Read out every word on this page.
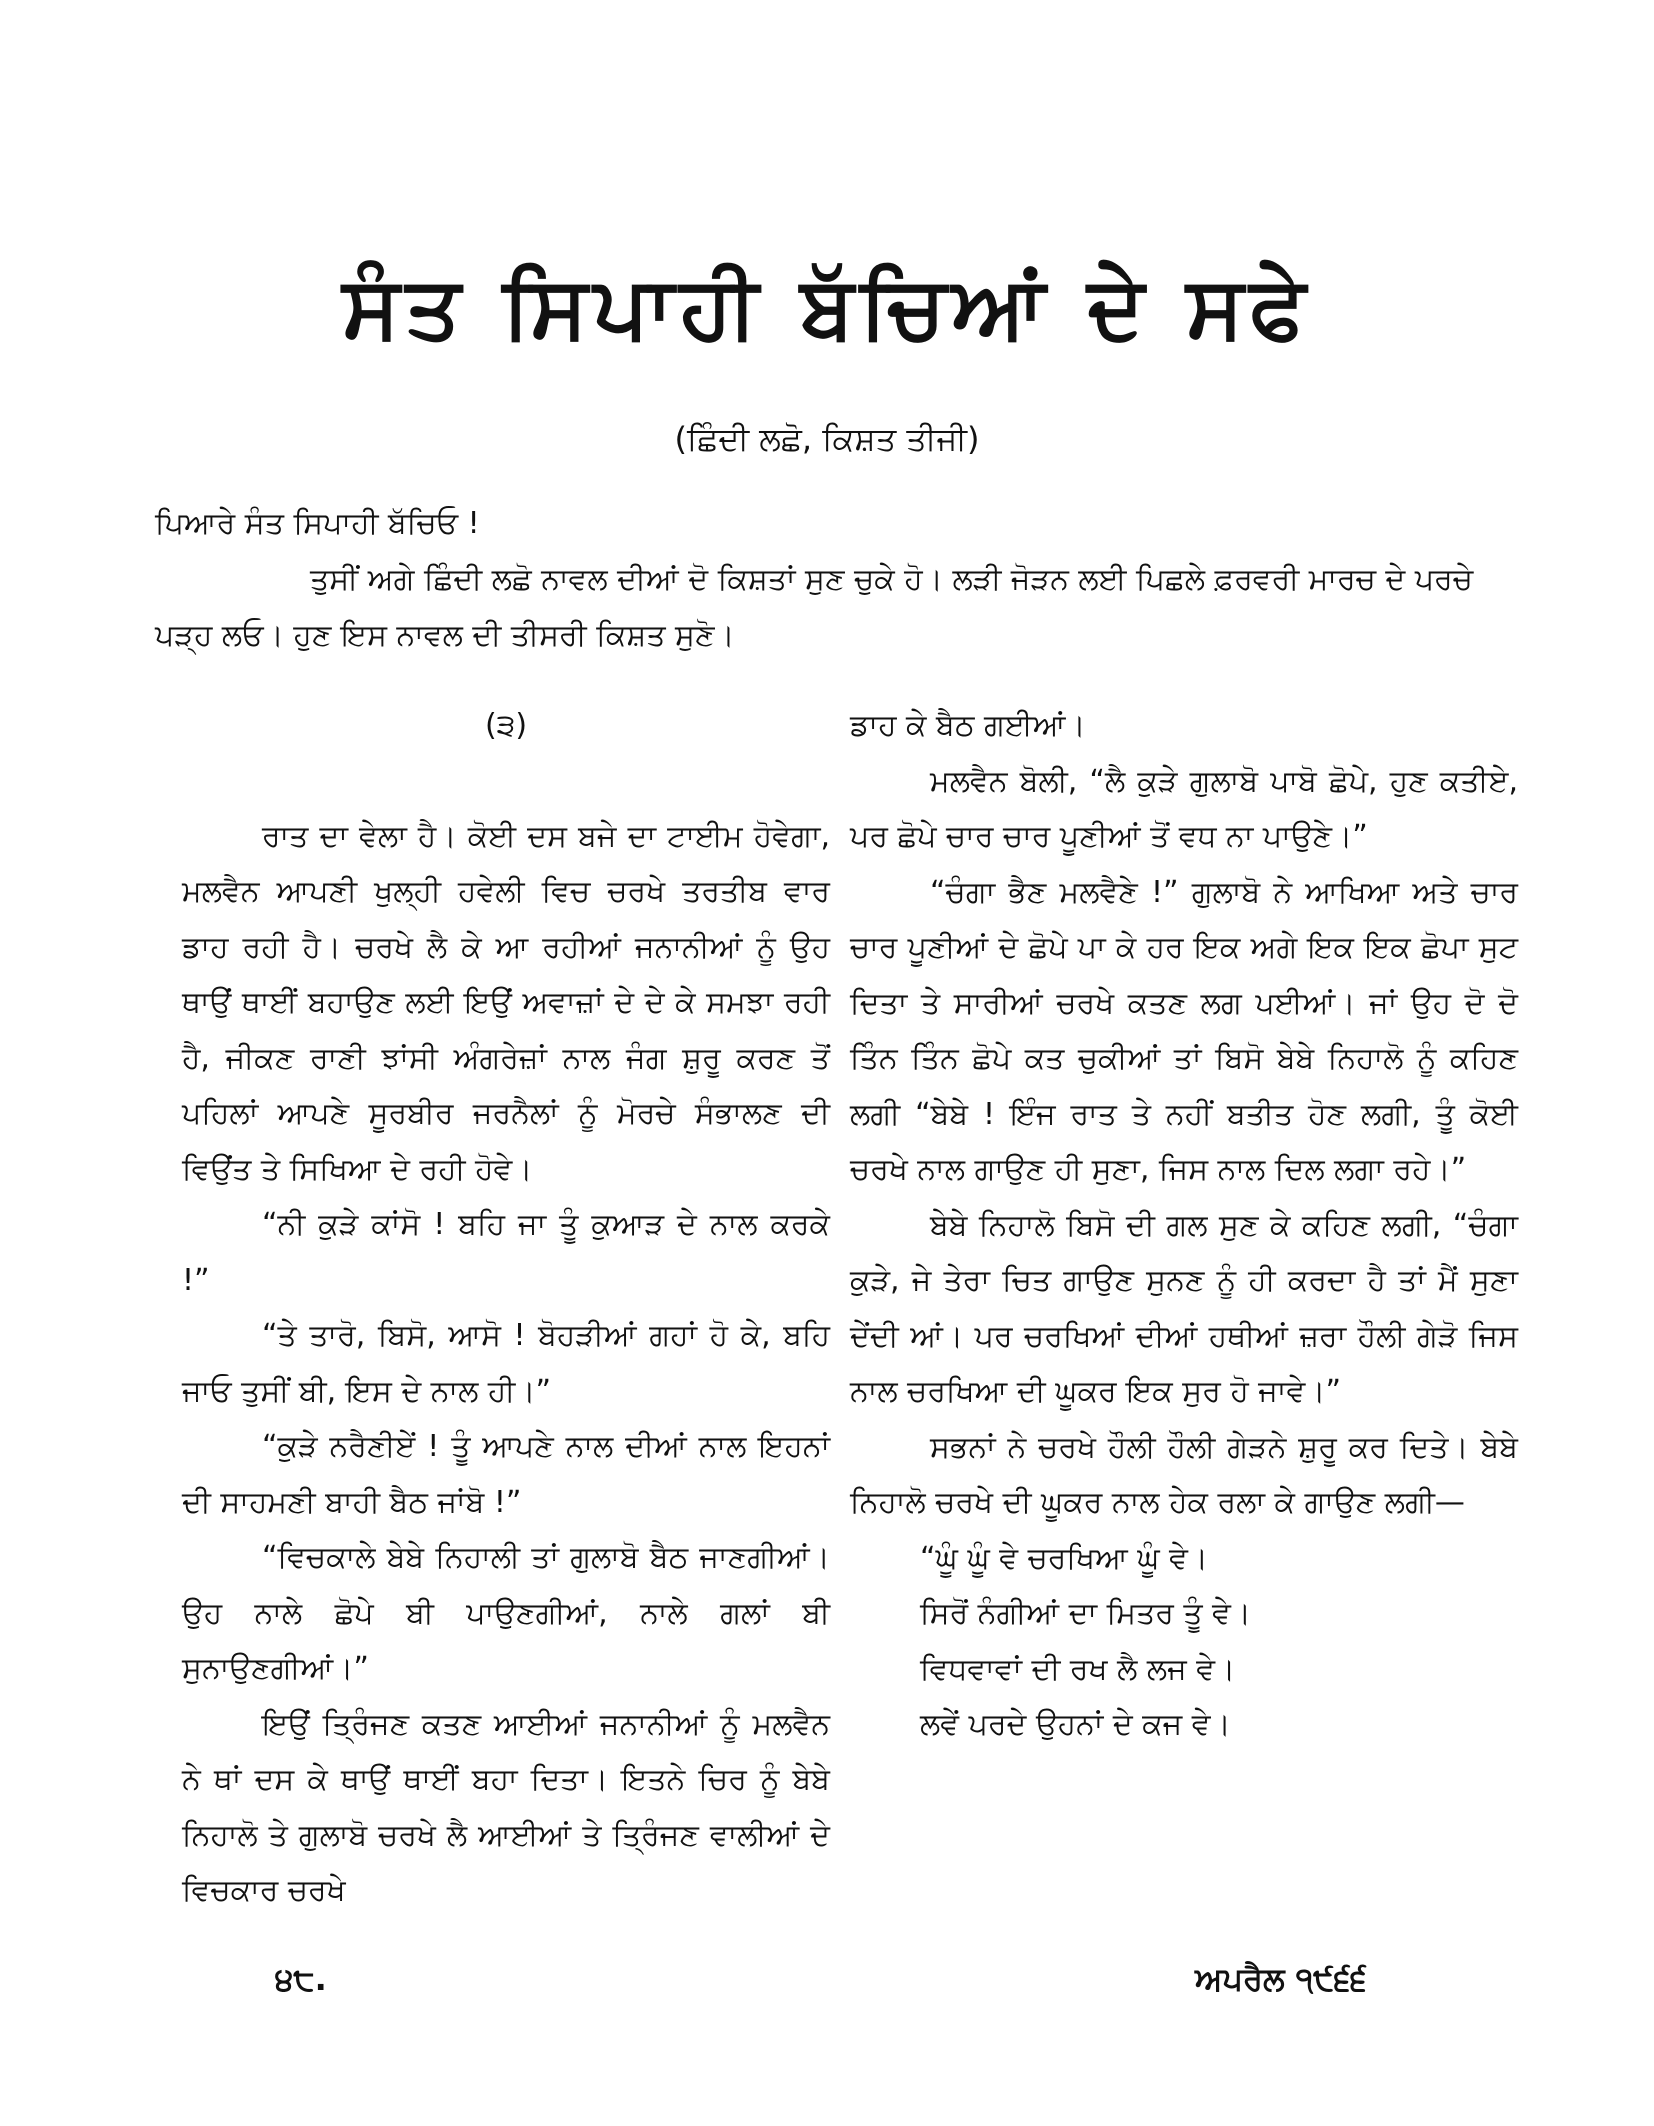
ਸੰਤ ਸਿਪਾਹੀ ਬੱਚਿਆਂ ਦੇ ਸਫੇ
(ਛਿੰਦੀ ਲਛੋ, ਕਿਸ਼ਤ ਤੀਜੀ)

ਪਿਆਰੇ ਸੰਤ ਸਿਪਾਹੀ ਬੱਚਿਓ !

ਤੁਸੀਂ ਅਗੇ ਛਿੰਦੀ ਲਛੋ ਨਾਵਲ ਦੀਆਂ ਦੋ ਕਿਸ਼ਤਾਂ ਸੁਣ ਚੁਕੇ ਹੋ। ਲੜੀ ਜੋੜਨ ਲਈ ਪਿਛਲੇ ਫ਼ਰਵਰੀ ਮਾਰਚ ਦੇ ਪਰਚੇ ਪੜ੍ਹ ਲਓ। ਹੁਣ ਇਸ ਨਾਵਲ ਦੀ ਤੀਸਰੀ ਕਿਸ਼ਤ ਸੁਣੋ।

(੩)

ਰਾਤ ਦਾ ਵੇਲਾ ਹੈ। ਕੋਈ ਦਸ ਬਜੇ ਦਾ ਟਾਈਮ ਹੋਵੇਗਾ, ਮਲਵੈਨ ਆਪਣੀ ਖੁਲ੍ਹੀ ਹਵੇਲੀ ਵਿਚ ਚਰਖੇ ਤਰਤੀਬ ਵਾਰ ਡਾਹ ਰਹੀ ਹੈ। ਚਰਖੇ ਲੈ ਕੇ ਆ ਰਹੀਆਂ ਜਨਾਨੀਆਂ ਨੂੰ ਉਹ ਥਾਉਂ ਥਾਈਂ ਬਹਾਉਣ ਲਈ ਇਉਂ ਅਵਾਜ਼ਾਂ ਦੇ ਦੇ ਕੇ ਸਮਝਾ ਰਹੀ ਹੈ, ਜੀਕਣ ਰਾਣੀ ਝਾਂਸੀ ਅੰਗਰੇਜ਼ਾਂ ਨਾਲ ਜੰਗ ਸ਼ੁਰੂ ਕਰਣ ਤੋਂ ਪਹਿਲਾਂ ਆਪਣੇ ਸੂਰਬੀਰ ਜਰਨੈਲਾਂ ਨੂੰ ਮੋਰਚੇ ਸੰਭਾਲਣ ਦੀ ਵਿਉਂਤ ਤੇ ਸਿਖਿਆ ਦੇ ਰਹੀ ਹੋਵੇ।

“ਨੀ ਕੁੜੇ ਕਾਂਸੋ ! ਬਹਿ ਜਾ ਤੂੰ ਕੁਆੜ ਦੇ ਨਾਲ ਕਰਕੇ !”

“ਤੇ ਤਾਰੋ, ਬਿਸੋ, ਆਸੋ ! ਬੋਹੜੀਆਂ ਗਹਾਂ ਹੋ ਕੇ, ਬਹਿ ਜਾਓ ਤੁਸੀਂ ਬੀ, ਇਸ ਦੇ ਨਾਲ ਹੀ।”

“ਕੁੜੇ ਨਰੈਣੀਏਂ ! ਤੂੰ ਆਪਣੇ ਨਾਲ ਦੀਆਂ ਨਾਲ ਇਹਨਾਂ ਦੀ ਸਾਹਮਣੀ ਬਾਹੀ ਬੈਠ ਜਾਂਬੋ !”

“ਵਿਚਕਾਲੇ ਬੇਬੇ ਨਿਹਾਲੀ ਤਾਂ ਗੁਲਾਬੋ ਬੈਠ ਜਾਣਗੀਆਂ। ਉਹ ਨਾਲੇ ਛੋਪੇ ਬੀ ਪਾਉਣਗੀਆਂ, ਨਾਲੇ ਗਲਾਂ ਬੀ ਸੁਨਾਉਣਗੀਆਂ।”

ਇਉਂ ਤ੍ਰਿੰਜਣ ਕਤਣ ਆਈਆਂ ਜਨਾਨੀਆਂ ਨੂੰ ਮਲਵੈਨ ਨੇ ਥਾਂ ਦਸ ਕੇ ਥਾਉਂ ਥਾਈਂ ਬਹਾ ਦਿਤਾ। ਇਤਨੇ ਚਿਰ ਨੂੰ ਬੇਬੇ ਨਿਹਾਲੋ ਤੇ ਗੁਲਾਬੋ ਚਰਖੇ ਲੈ ਆਈਆਂ ਤੇ ਤ੍ਰਿੰਜਣ ਵਾਲੀਆਂ ਦੇ ਵਿਚਕਾਰ ਚਰਖੇ

ਡਾਹ ਕੇ ਬੈਠ ਗਈਆਂ।

ਮਲਵੈਨ ਬੋਲੀ, “ਲੈ ਕੁੜੇ ਗੁਲਾਬੋ ਪਾਬੋ ਛੋਪੇ, ਹੁਣ ਕਤੀਏ, ਪਰ ਛੋਪੇ ਚਾਰ ਚਾਰ ਪੂਣੀਆਂ ਤੋਂ ਵਧ ਨਾ ਪਾਉਣੇ।”

“ਚੰਗਾ ਭੈਣ ਮਲਵੈਣੇ !” ਗੁਲਾਬੋ ਨੇ ਆਖਿਆ ਅਤੇ ਚਾਰ ਚਾਰ ਪੂਣੀਆਂ ਦੇ ਛੋਪੇ ਪਾ ਕੇ ਹਰ ਇਕ ਅਗੇ ਇਕ ਇਕ ਛੋਪਾ ਸੁਟ ਦਿਤਾ ਤੇ ਸਾਰੀਆਂ ਚਰਖੇ ਕਤਣ ਲਗ ਪਈਆਂ। ਜਾਂ ਉਹ ਦੋ ਦੋ ਤਿੰਨ ਤਿੰਨ ਛੋਪੇ ਕਤ ਚੁਕੀਆਂ ਤਾਂ ਬਿਸੋ ਬੇਬੇ ਨਿਹਾਲੋ ਨੂੰ ਕਹਿਣ ਲਗੀ “ਬੇਬੇ ! ਇੰਜ ਰਾਤ ਤੇ ਨਹੀਂ ਬਤੀਤ ਹੋਣ ਲਗੀ, ਤੂੰ ਕੋਈ ਚਰਖੇ ਨਾਲ ਗਾਉਣ ਹੀ ਸੁਣਾ, ਜਿਸ ਨਾਲ ਦਿਲ ਲਗਾ ਰਹੇ।”

ਬੇਬੇ ਨਿਹਾਲੋ ਬਿਸੋ ਦੀ ਗਲ ਸੁਣ ਕੇ ਕਹਿਣ ਲਗੀ, “ਚੰਗਾ ਕੁੜੇ, ਜੇ ਤੇਰਾ ਚਿਤ ਗਾਉਣ ਸੁਨਣ ਨੂੰ ਹੀ ਕਰਦਾ ਹੈ ਤਾਂ ਮੈਂ ਸੁਣਾ ਦੇਂਦੀ ਆਂ। ਪਰ ਚਰਖਿਆਂ ਦੀਆਂ ਹਥੀਆਂ ਜ਼ਰਾ ਹੌਲੀ ਗੇੜੋ ਜਿਸ ਨਾਲ ਚਰਖਿਆ ਦੀ ਘੂਕਰ ਇਕ ਸੁਰ ਹੋ ਜਾਵੇ।”

ਸਭਨਾਂ ਨੇ ਚਰਖੇ ਹੌਲੀ ਹੌਲੀ ਗੇੜਨੇ ਸ਼ੁਰੂ ਕਰ ਦਿਤੇ। ਬੇਬੇ ਨਿਹਾਲੋ ਚਰਖੇ ਦੀ ਘੂਕਰ ਨਾਲ ਹੇਕ ਰਲਾ ਕੇ ਗਾਉਣ ਲਗੀ—

“ਘੂੰ ਘੂੰ ਵੇ ਚਰਖਿਆ ਘੂੰ ਵੇ।
ਸਿਰੋਂ ਨੰਗੀਆਂ ਦਾ ਮਿਤਰ ਤੂੰ ਵੇ।
ਵਿਧਵਾਵਾਂ ਦੀ ਰਖ ਲੈ ਲਜ ਵੇ।
ਲਵੇਂ ਪਰਦੇ ਉਹਨਾਂ ਦੇ ਕਜ ਵੇ।
੪੮.	ਅਪਰੈਲ ੧੯੬੬
